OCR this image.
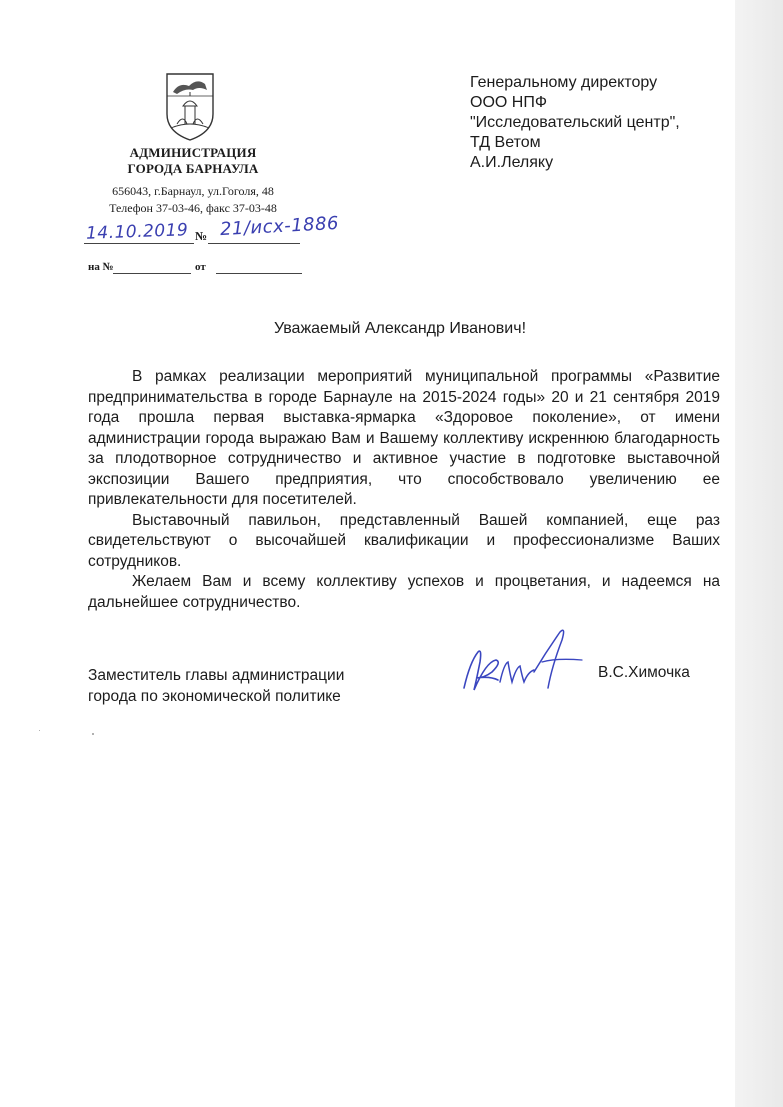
АДМИНИСТРАЦИЯ
ГОРОДА БАРНАУЛА
656043, г.Барнаул, ул.Гоголя, 48
Телефон 37-03-46, факс 37-03-48
14.10.2019 № 21/исх-1886
на №	от
Генеральному директору
ООО НПФ
"Исследовательский центр",
ТД Ветом
А.И.Леляку
Уважаемый Александр Иванович!

В рамках реализации мероприятий муниципальной программы «Развитие предпринимательства в городе Барнауле на 2015-2024 годы» 20 и 21 сентября 2019 года прошла первая выставка-ярмарка «Здоровое поколение», от имени администрации города выражаю Вам и Вашему коллективу искреннюю благодарность за плодотворное сотрудничество и активное участие в подготовке выставочной экспозиции Вашего предприятия, что способствовало увеличению ее привлекательности для посетителей.

Выставочный павильон, представленный Вашей компанией, еще раз свидетельствуют о высочайшей квалификации и профессионализме Ваших сотрудников.

Желаем Вам и всему коллективу успехов и процветания, и надеемся на дальнейшее сотрудничество.

Заместитель главы администрации
города по экономической политике
В.С.Химочка
